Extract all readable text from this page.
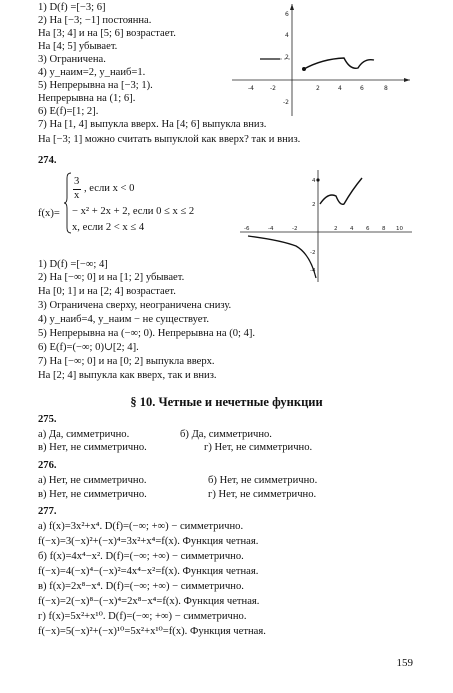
1) D(f) =[−3; 6]
2) На [−3; −1] постоянна.
На [3; 4] и на [5; 6] возрастает.
На [4; 5] убывает.
3) Ограничена.
4) y_наим=2, y_наиб=1.
5) Непрерывна на [−3; 1).
Непрерывна на (1; 6].
6) E(f)=[1; 2].
7) На [1, 4] выпукла вверх. На [4; 6] выпукла вниз.
На [−3; 1] можно считать выпуклой как вверх? так и вниз.
-4	-2	2	4	6	8
6
4
2
-2
274.
f(x)=
3
x
, если x < 0
− x² + 2x + 2, если 0 ≤ x ≤ 2
x, если 2 < x ≤ 4	-6	-4	-2	2 4 6 8 10
4
2
-2
-4
1) D(f) =[−∞; 4]
2) На [−∞; 0] и на [1; 2] убывает.
На [0; 1] и на [2; 4] возрастает.
3) Ограничена сверху, неограничена снизу.
4) y_наиб=4, y_наим − не существует.
5) Непрерывна на (−∞; 0). Непрерывна на (0; 4].
6) E(f)=(−∞; 0)∪[2; 4].
7) На [−∞; 0] и на [0; 2] выпукла вверх.
На [2; 4] выпукла как вверх, так и вниз.
§ 10. Четные и нечетные функции
275.
а) Да, симметрично.	б) Да, симметрично.
в) Нет, не симметрично.	г) Нет, не симметрично.
276.
а) Нет, не симметрично.	б) Нет, не симметрично.
в) Нет, не симметрично.	г) Нет, не симметрично.
277.
а) f(x)=3x²+x⁴. D(f)=(−∞; +∞) − симметрично.
f(−x)=3(−x)²+(−x)⁴=3x²+x⁴=f(x). Функция четная.
б) f(x)=4x⁴−x². D(f)=(−∞; +∞) − симметрично.
f(−x)=4(−x)⁴−(−x)²=4x⁴−x²=f(x). Функция четная.
в) f(x)=2x⁸−x⁴. D(f)=(−∞; +∞) − симметрично.
f(−x)=2(−x)⁸−(−x)⁴=2x⁸−x⁴=f(x). Функция четная.
г) f(x)=5x²+x¹⁰. D(f)=(−∞; +∞) − симметрично.
f(−x)=5(−x)²+(−x)¹⁰=5x²+x¹⁰=f(x). Функция четная.
159
